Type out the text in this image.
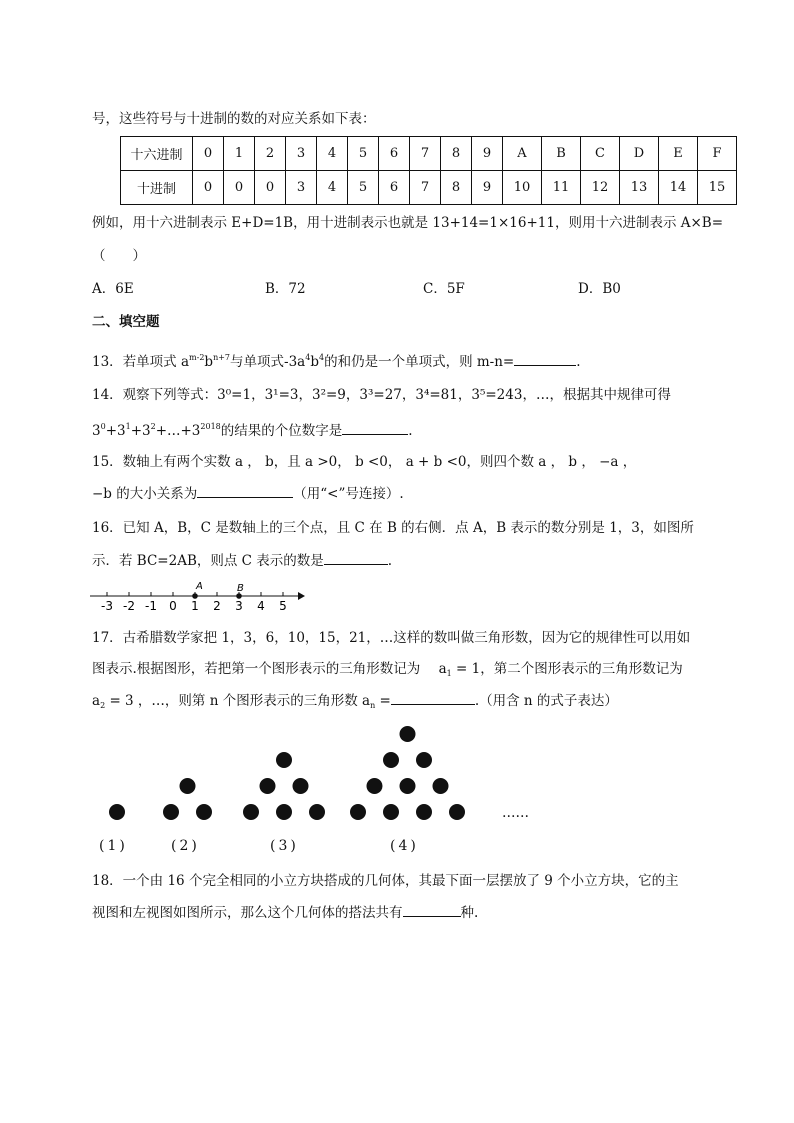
号，这些符号与十进制的数的对应关系如下表：
十六进制	0	1	2	3	4	5	6	7	8	9	A	B	C	D	E	F
十进制	0	0	0	3	4	5	6	7	8	9	10	11	12	13	14	15
例如，用十六进制表示 E+D=1B，用十进制表示也就是 13+14=1×16+11，则用十六进制表示 A×B=
（　　）
A．6E	B．72	C．5F	D．B0
二、填空题
13．若单项式 $a^{m-2}b^{n+7}$与单项式$-3a^4b^4$的和仍是一个单项式，则 m-n=	.
14．观察下列等式：3⁰=1，3¹=3，3²=9，3³=27，3⁴=81，3⁵=243，…，根据其中规律可得
$3^0+3^1+3^2+\dots+3^{2018}$的结果的个位数字是	.
15．数轴上有两个实数 a ， b，且 a >0， b <0， a + b <0，则四个数 a ， b ， −a ，
−b 的大小关系为	（用“<”号连接）.
16．已知 A，B，C 是数轴上的三个点，且 C 在 B 的右侧．点 A，B 表示的数分别是 1，3，如图所
示．若 BC=2AB，则点 C 表示的数是	.
-3 -2 -1 0 1 2 3 4 5
A	B
17．古希腊数学家把 1，3，6，10，15，21，…这样的数叫做三角形数，因为它的规律性可以用如
图表示.根据图形，若把第一个图形表示的三角形数记为 $a_1 = 1$，第二个图形表示的三角形数记为
$a_2 = 3$ ，…，则第 n 个图形表示的三角形数 $a_n$ =	.（用含 n 的式子表达）
(1)	(2)	(3)	(4)
……
18．一个由 16 个完全相同的小立方块搭成的几何体，其最下面一层摆放了 9 个小立方块，它的主
视图和左视图如图所示，那么这个几何体的搭法共有	种.
